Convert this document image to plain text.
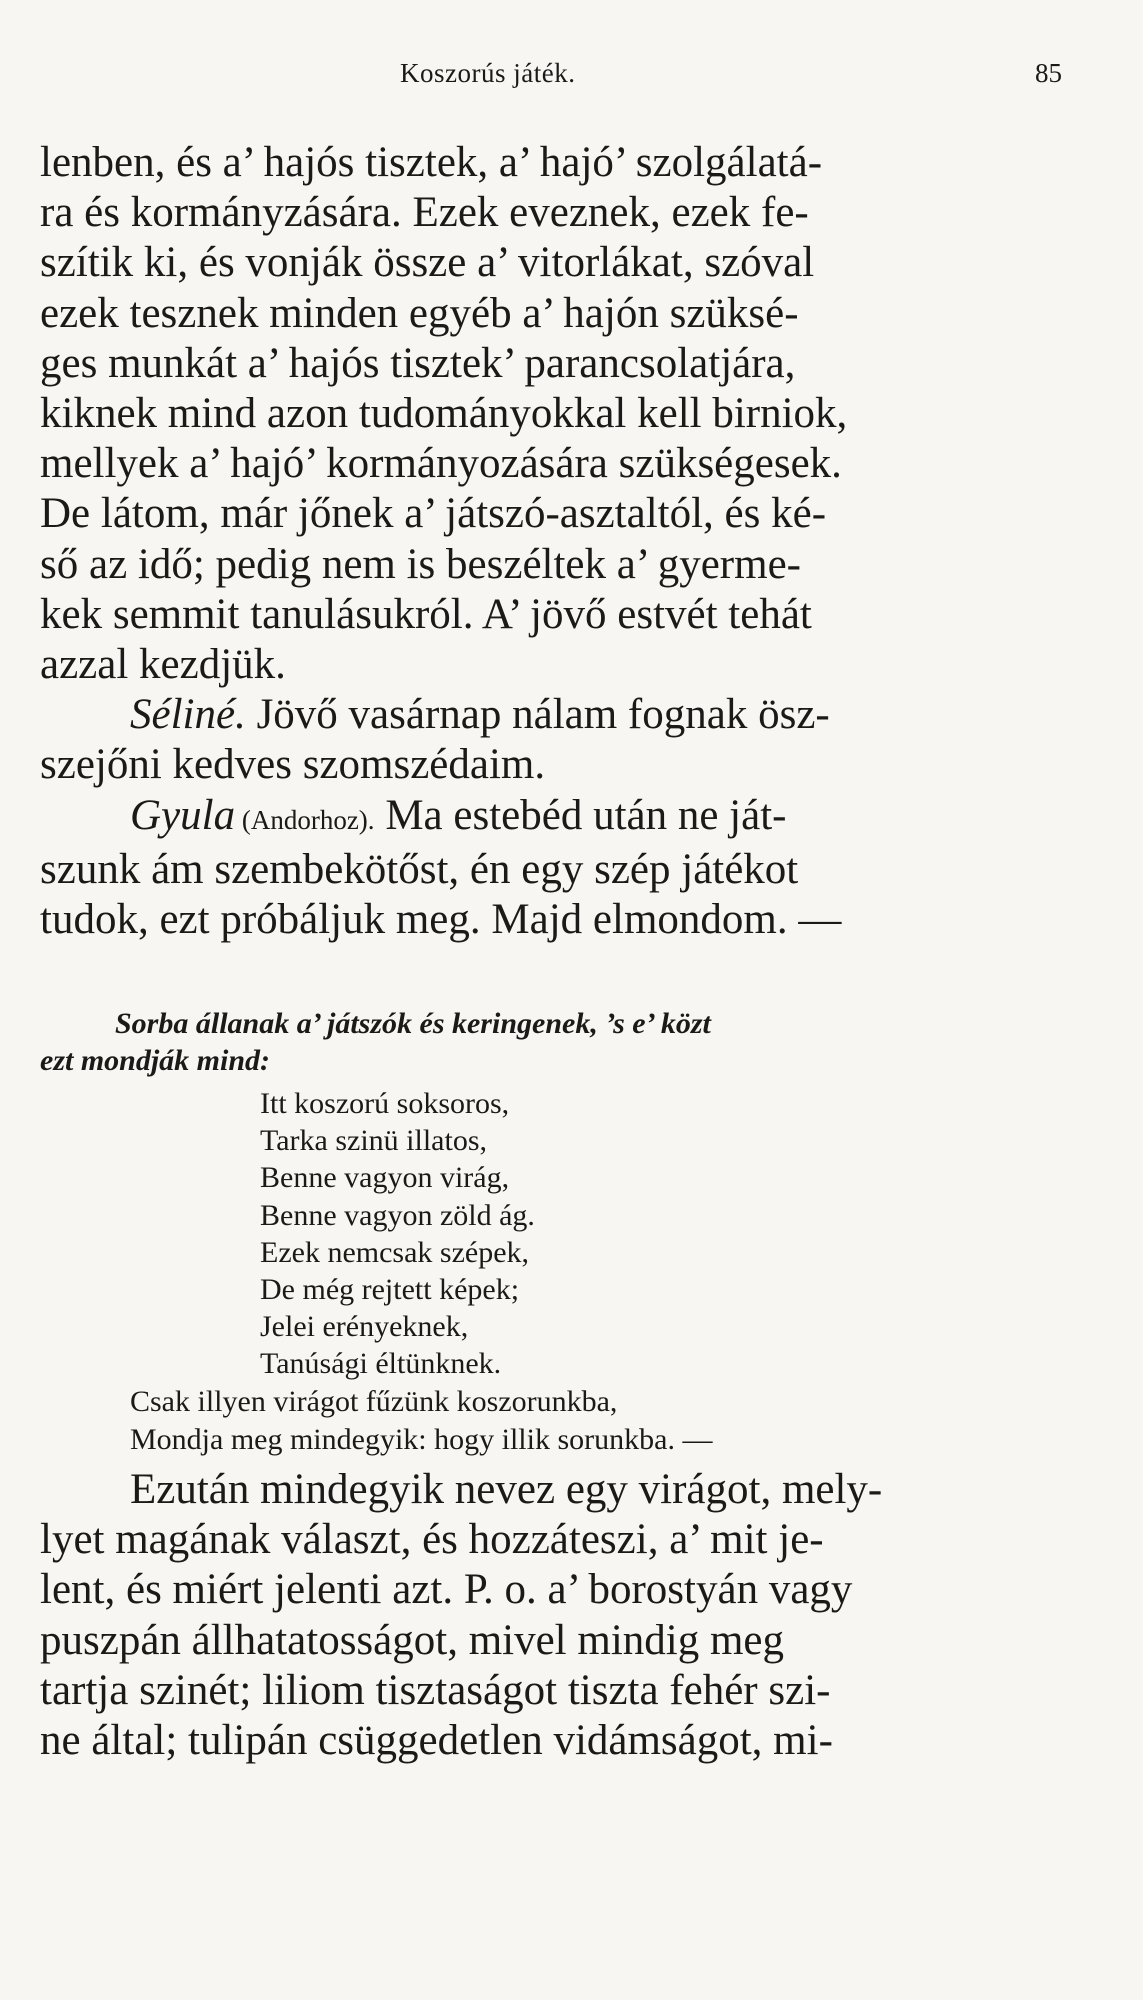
Koszorús játék.	85
lenben, és a’ hajós tisztek, a’ hajó’ szolgálatá-
ra és kormányzására. Ezek eveznek, ezek fe-
szítik ki, és vonják össze a’ vitorlákat, szóval
ezek tesznek minden egyéb a’ hajón szüksé-
ges munkát a’ hajós tisztek’ parancsolatjára,
kiknek mind azon tudományokkal kell birniok,
mellyek a’ hajó’ kormányozására szükségesek.
De látom, már jőnek a’ játszó-asztaltól, és ké-
ső az idő; pedig nem is beszéltek a’ gyerme-
kek semmit tanulásukról. A’ jövő estvét tehát
azzal kezdjük.
Séliné. Jövő vasárnap nálam fognak ösz-
szejőni kedves szomszédaim.
Gyula (Andorhoz). Ma estebéd után ne ját-
szunk ám szembekötőst, én egy szép játékot
tudok, ezt próbáljuk meg. Majd elmondom. —
Sorba állanak a’ játszók és keringenek, ’s e’ közt
ezt mondják mind:
Itt koszorú soksoros,
Tarka szinü illatos,
Benne vagyon virág,
Benne vagyon zöld ág.
Ezek nemcsak szépek,
De még rejtett képek;
Jelei erényeknek,
Tanúsági éltünknek.
Csak illyen virágot fűzünk koszorunkba,
Mondja meg mindegyik: hogy illik sorunkba. —
Ezután mindegyik nevez egy virágot, mely-
lyet magának választ, és hozzáteszi, a’ mit je-
lent, és miért jelenti azt. P. o. a’ borostyán vagy
puszpán állhatatosságot, mivel mindig meg
tartja szinét; liliom tisztaságot tiszta fehér szi-
ne által; tulipán csüggedetlen vidámságot, mi-
